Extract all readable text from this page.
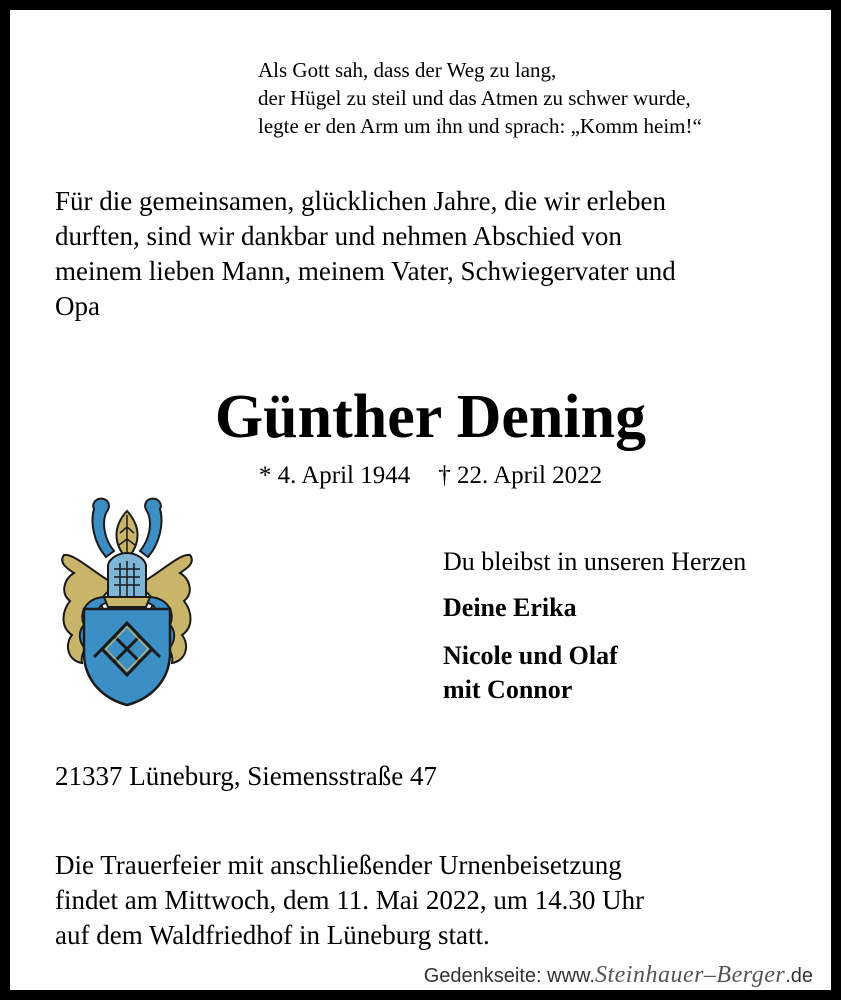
Als Gott sah, dass der Weg zu lang,
der Hügel zu steil und das Atmen zu schwer wurde,
legte er den Arm um ihn und sprach: „Komm heim!“
Für die gemeinsamen, glücklichen Jahre, die wir erleben
durften, sind wir dankbar und nehmen Abschied von
meinem lieben Mann, meinem Vater, Schwiegervater und
Opa
Günther Dening
* 4. April 1944 † 22. April 2022
Du bleibst in unseren Herzen
Deine Erika
Nicole und Olaf
mit Connor
21337 Lüneburg, Siemensstraße 47
Die Trauerfeier mit anschließender Urnenbeisetzung
findet am Mittwoch, dem 11. Mai 2022, um 14.30 Uhr
auf dem Waldfriedhof in Lüneburg statt.
Gedenkseite: www.Steinhauer–Berger.de
